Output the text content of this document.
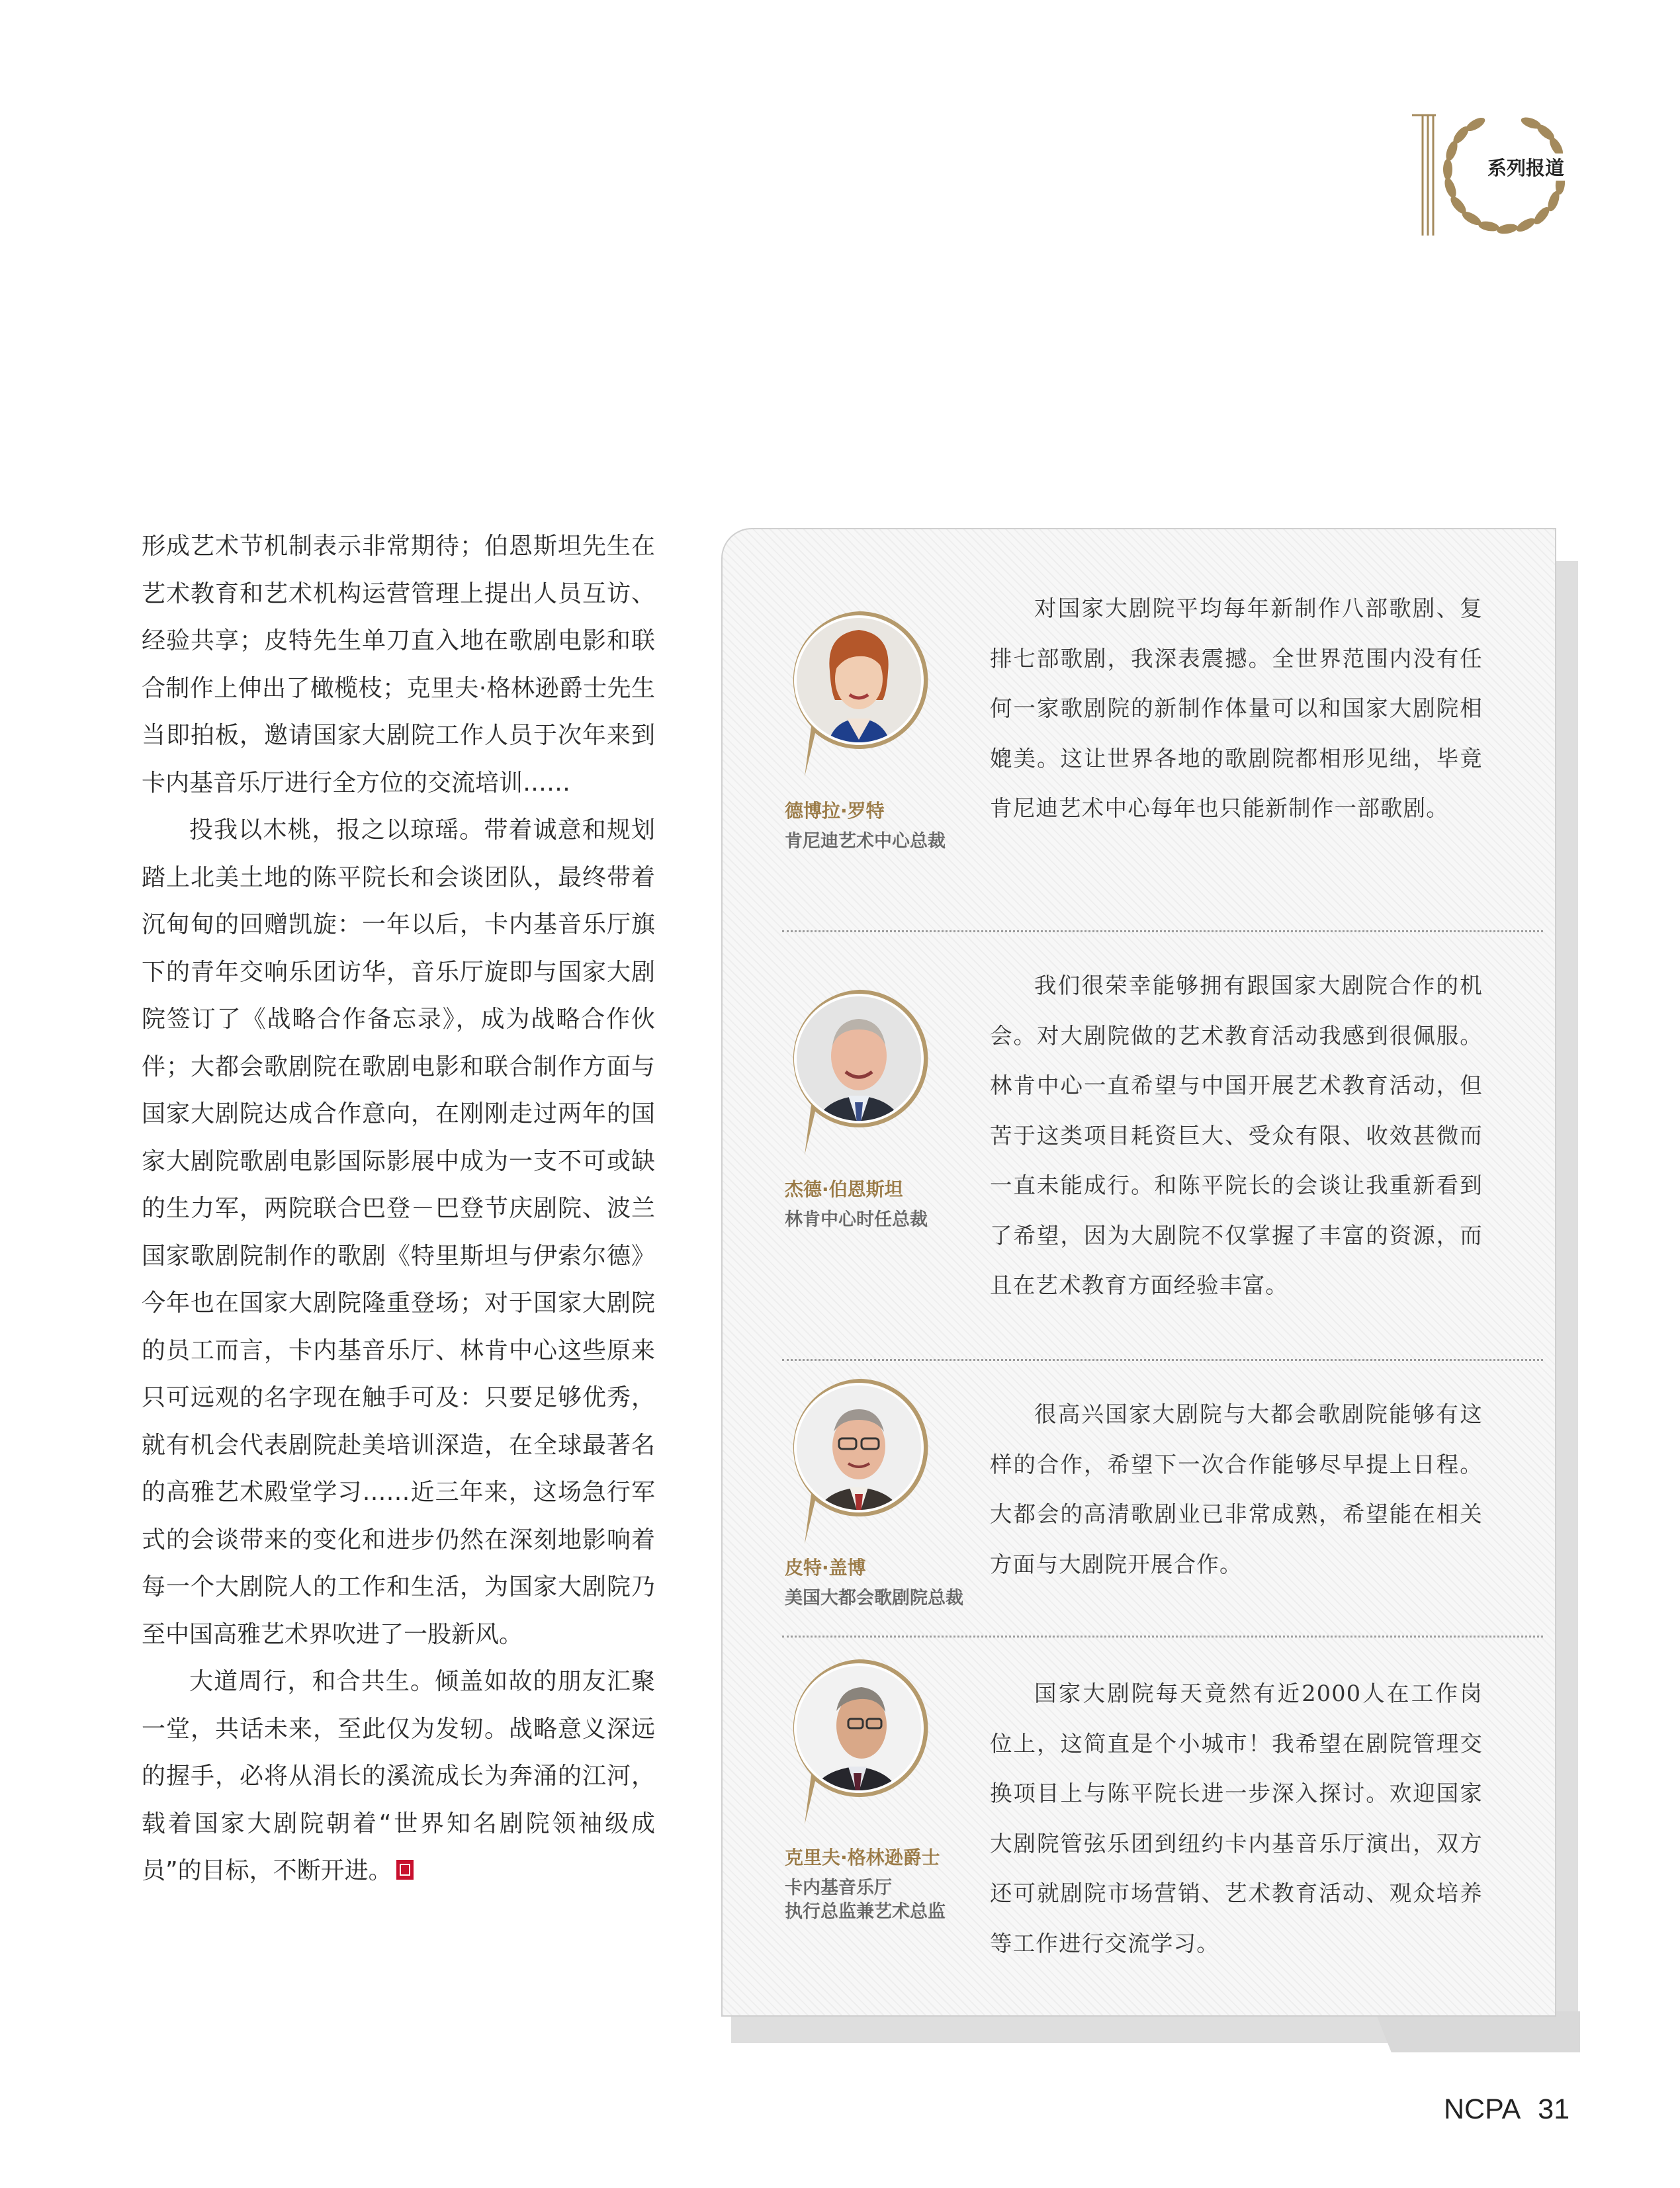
系列报道

形成艺术节机制表示非常期待；伯恩斯坦先生在艺术教育和艺术机构运营管理上提出人员互访、经验共享；皮特先生单刀直入地在歌剧电影和联合制作上伸出了橄榄枝；克里夫·格林逊爵士先生当即拍板，邀请国家大剧院工作人员于次年来到卡内基音乐厅进行全方位的交流培训……

投我以木桃，报之以琼瑶。带着诚意和规划踏上北美土地的陈平院长和会谈团队，最终带着沉甸甸的回赠凯旋：一年以后，卡内基音乐厅旗下的青年交响乐团访华，音乐厅旋即与国家大剧院签订了《战略合作备忘录》，成为战略合作伙伴；大都会歌剧院在歌剧电影和联合制作方面与国家大剧院达成合作意向，在刚刚走过两年的国家大剧院歌剧电影国际影展中成为一支不可或缺的生力军，两院联合巴登－巴登节庆剧院、波兰国家歌剧院制作的歌剧《特里斯坦与伊索尔德》今年也在国家大剧院隆重登场；对于国家大剧院的员工而言，卡内基音乐厅、林肯中心这些原来只可远观的名字现在触手可及：只要足够优秀，就有机会代表剧院赴美培训深造，在全球最著名的高雅艺术殿堂学习……近三年来，这场急行军式的会谈带来的变化和进步仍然在深刻地影响着每一个大剧院人的工作和生活，为国家大剧院乃至中国高雅艺术界吹进了一股新风。

大道周行，和合共生。倾盖如故的朋友汇聚一堂，共话未来，至此仅为发轫。战略意义深远的握手，必将从涓长的溪流成长为奔涌的江河，载着国家大剧院朝着“世界知名剧院领袖级成员”的目标，不断开进。

德博拉·罗特
肯尼迪艺术中心总裁

对国家大剧院平均每年新制作八部歌剧、复排七部歌剧，我深表震撼。全世界范围内没有任何一家歌剧院的新制作体量可以和国家大剧院相媲美。这让世界各地的歌剧院都相形见绌，毕竟肯尼迪艺术中心每年也只能新制作一部歌剧。

杰德·伯恩斯坦
林肯中心时任总裁

我们很荣幸能够拥有跟国家大剧院合作的机会。对大剧院做的艺术教育活动我感到很佩服。林肯中心一直希望与中国开展艺术教育活动，但苦于这类项目耗资巨大、受众有限、收效甚微而一直未能成行。和陈平院长的会谈让我重新看到了希望，因为大剧院不仅掌握了丰富的资源，而且在艺术教育方面经验丰富。

皮特·盖博
美国大都会歌剧院总裁

很高兴国家大剧院与大都会歌剧院能够有这样的合作，希望下一次合作能够尽早提上日程。大都会的高清歌剧业已非常成熟，希望能在相关方面与大剧院开展合作。

克里夫·格林逊爵士
卡内基音乐厅
执行总监兼艺术总监

国家大剧院每天竟然有近2000人在工作岗位上，这简直是个小城市！我希望在剧院管理交换项目上与陈平院长进一步深入探讨。欢迎国家大剧院管弦乐团到纽约卡内基音乐厅演出，双方还可就剧院市场营销、艺术教育活动、观众培养等工作进行交流学习。

NCPA 31
